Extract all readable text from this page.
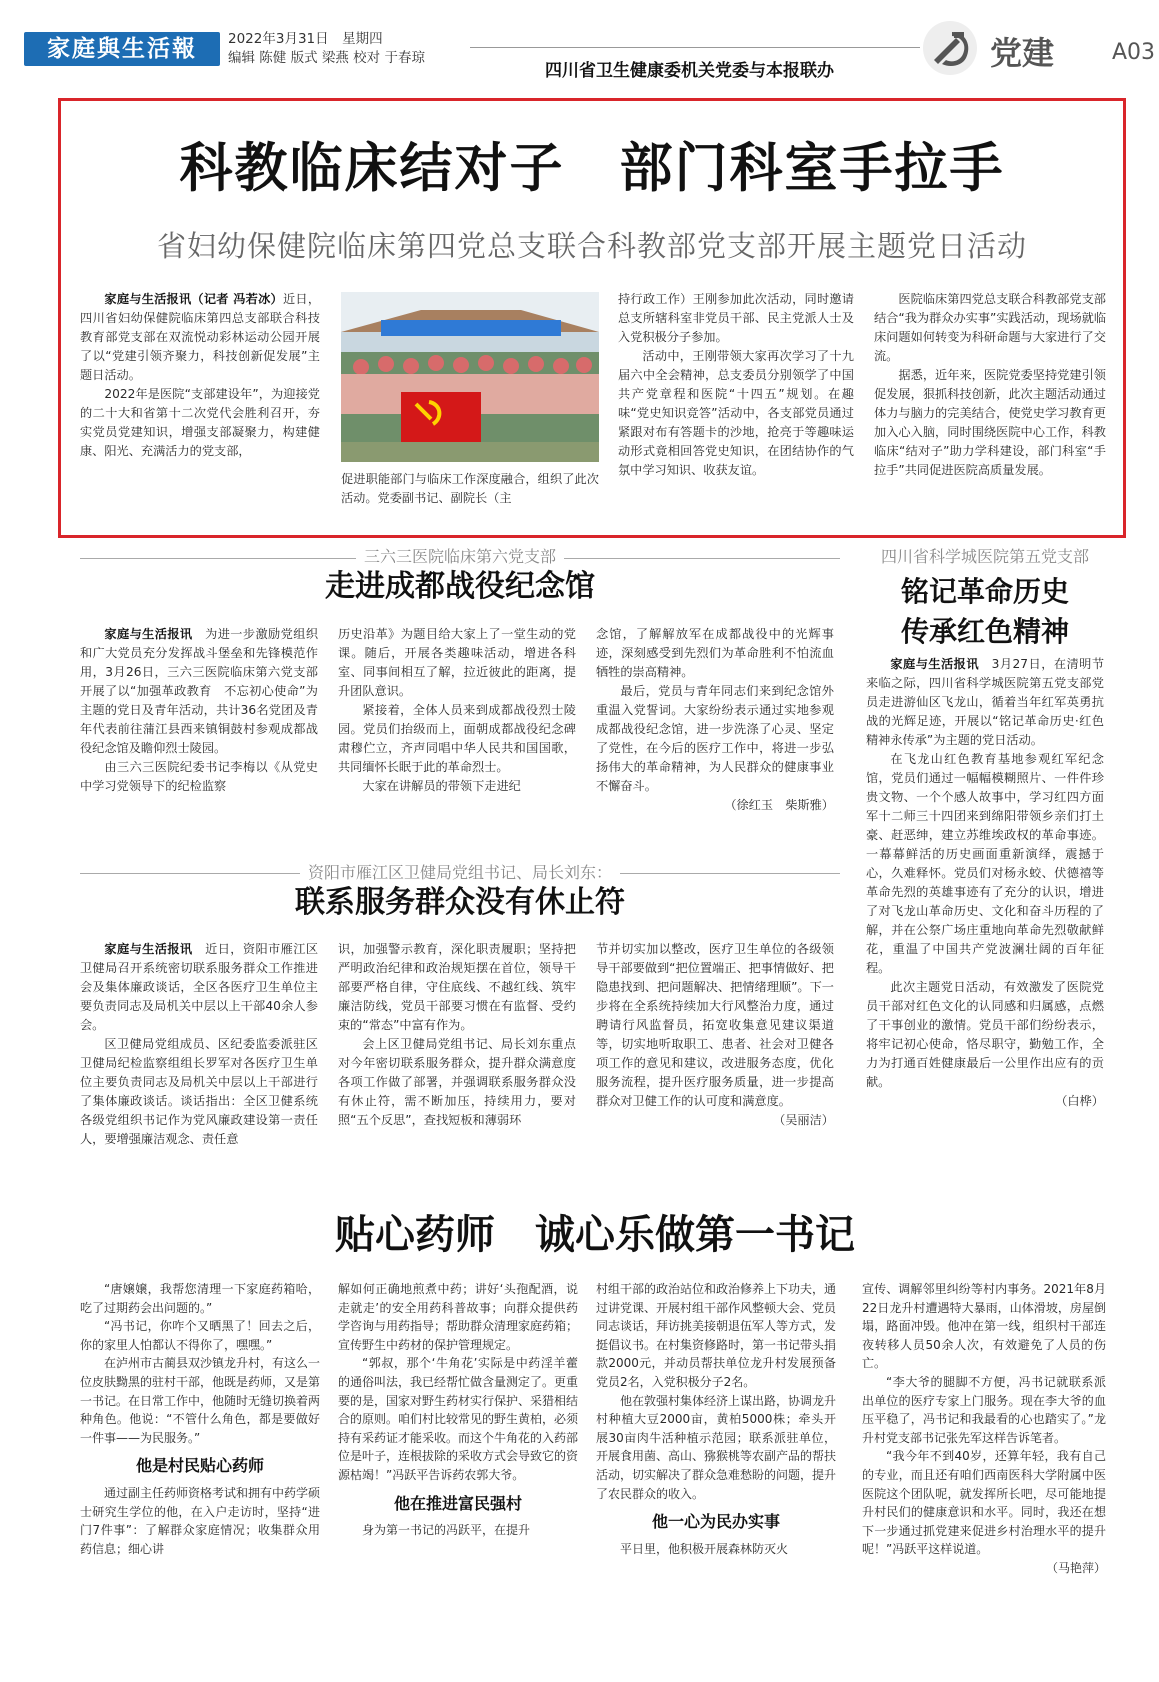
家庭與生活報	2022年3月31日　星期四
编辑 陈健 版式 梁燕 校对 于春琼
四川省卫生健康委机关党委与本报联办	党建	A03
科教临床结对子　部门科室手拉手
省妇幼保健院临床第四党总支联合科教部党支部开展主题党日活动

家庭与生活报讯（记者 冯若冰）近日，四川省妇幼保健院临床第四总支部联合科技教育部党支部在双流悦动彩林运动公园开展了以“党建引领齐聚力，科技创新促发展”主题日活动。

2022年是医院“支部建设年”，为迎接党的二十大和省第十二次党代会胜利召开，夯实党员党建知识，增强支部凝聚力，构建健康、阳光、充满活力的党支部，

促进职能部门与临床工作深度融合，组织了此次活动。党委副书记、副院长（主

持行政工作）王刚参加此次活动，同时邀请总支所辖科室非党员干部、民主党派人士及入党积极分子参加。

活动中，王刚带领大家再次学习了十九届六中全会精神，总支委员分别领学了中国共产党章程和医院“十四五”规划。在趣味“党史知识竞答”活动中，各支部党员通过紧跟对布有答题卡的沙地，抢亮于等趣味运动形式竟相回答党史知识，在团结协作的气氛中学习知识、收获友谊。

医院临床第四党总支联合科教部党支部结合“我为群众办实事”实践活动，现场就临床问题如何转变为科研命题与大家进行了交流。

据悉，近年来，医院党委坚持党建引领促发展，狠抓科技创新，此次主题活动通过体力与脑力的完美结合，使党史学习教育更加入心入脑，同时围绕医院中心工作，科教临床“结对子”助力学科建设，部门科室“手拉手”共同促进医院高质量发展。

三六三医院临床第六党支部
走进成都战役纪念馆

家庭与生活报讯　 为进一步激励党组织和广大党员充分发挥战斗堡垒和先锋模范作用，3月26日，三六三医院临床第六党支部开展了以“加强革政教育　不忘初心使命”为主题的党日及青年活动，共计36名党团及青年代表前往蒲江县西来镇铜鼓村参观成都战役纪念馆及瞻仰烈士陵园。

由三六三医院纪委书记李梅以《从党史中学习党领导下的纪检监察

历史沿革》为题目给大家上了一堂生动的党课。随后，开展各类趣味活动，增进各科室、同事间相互了解，拉近彼此的距离，提升团队意识。

紧接着，全体人员来到成都战役烈士陵园。党员们抬级而上，面朝成都战役纪念碑肃穆伫立，齐声同唱中华人民共和国国歌，共同缅怀长眠于此的革命烈士。

大家在讲解员的带领下走进纪

念馆，了解解放军在成都战役中的光辉事迹，深刻感受到先烈们为革命胜利不怕流血牺牲的崇高精神。

最后，党员与青年同志们来到纪念馆外重温入党誓词。大家纷纷表示通过实地参观成都战役纪念馆，进一步洗涤了心灵、坚定了党性，在今后的医疗工作中，将进一步弘扬伟大的革命精神，为人民群众的健康事业不懈奋斗。

（徐红玉　柴斯雅）
四川省科学城医院第五党支部
铭记革命历史
传承红色精神

家庭与生活报讯　 3月27日，在清明节来临之际，四川省科学城医院第五党支部党员走进游仙区飞龙山，循着当年红军英勇抗战的光辉足迹，开展以“铭记革命历史·红色精神永传承”为主题的党日活动。

在飞龙山红色教育基地参观红军纪念馆，党员们通过一幅幅模糊照片、一件件珍贵文物、一个个感人故事中，学习红四方面军十二师三十四团来到绵阳带领乡亲们打土豪、赶恶绅，建立苏维埃政权的革命事迹。一幕幕鲜活的历史画面重新演绎，震撼于心，久难释怀。党员们对杨永蛟、伏德禧等革命先烈的英雄事迹有了充分的认识，增进了对飞龙山革命历史、文化和奋斗历程的了解，并在公祭广场庄重地向革命先烈敬献鲜花，重温了中国共产党波澜壮阔的百年征程。

此次主题党日活动，有效激发了医院党员干部对红色文化的认同感和归属感，点燃了干事创业的激情。党员干部们纷纷表示，将牢记初心使命，恪尽职守，勤勉工作，全力为打通百姓健康最后一公里作出应有的贡献。

（白桦）
资阳市雁江区卫健局党组书记、局长刘东：
联系服务群众没有休止符

家庭与生活报讯　 近日，资阳市雁江区卫健局召开系统密切联系服务群众工作推进会及集体廉政谈话，全区各医疗卫生单位主要负责同志及局机关中层以上干部40余人参会。

区卫健局党组成员、区纪委监委派驻区卫健局纪检监察组组长罗军对各医疗卫生单位主要负责同志及局机关中层以上干部进行了集体廉政谈话。谈话指出：全区卫健系统各级党组织书记作为党风廉政建设第一责任人，要增强廉洁观念、责任意

识，加强警示教育，深化职责履职；坚持把严明政治纪律和政治规矩摆在首位，领导干部要严格自律，守住底线、不越红线、筑牢廉洁防线，党员干部要习惯在有监督、受约束的“常态”中富有作为。

会上区卫健局党组书记、局长刘东重点对今年密切联系服务群众，提升群众满意度各项工作做了部署，并强调联系服务群众没有休止符，需不断加压，持续用力，要对照“五个反思”，查找短板和薄弱环

节并切实加以整改，医疗卫生单位的各级领导干部要做到“把位置端正、把事情做好、把隐患找到、把问题解决、把情绪理顺”。下一步将在全系统持续加大行风整治力度，通过聘请行风监督员，拓宽收集意见建议渠道等，切实地听取职工、患者、社会对卫健各项工作的意见和建议，改进服务态度，优化服务流程，提升医疗服务质量，进一步提高群众对卫健工作的认可度和满意度。

（吴丽洁）
贴心药师　诚心乐做第一书记

“唐嬢嬢，我帮您清理一下家庭药箱哈，吃了过期药会出问题的。”

“冯书记，你咋个又晒黑了！回去之后，你的家里人怕都认不得你了，嘿嘿。”

在泸州市古蔺县双沙镇龙升村，有这么一位皮肤黝黑的驻村干部，他既是药师，又是第一书记。在日常工作中，他随时无缝切换着两种角色。他说：“不管什么角色，都是要做好一件事——为民服务。”

他是村民贴心药师

通过副主任药师资格考试和拥有中药学硕士研究生学位的他，在入户走访时，坚持“进门7件事”：了解群众家庭情况；收集群众用药信息；细心讲

解如何正确地煎煮中药；讲好‘头孢配酒，说走就走’的安全用药科普故事；向群众提供药学咨询与用药指导；帮助群众清理家庭药箱；宣传野生中药材的保护管理规定。

“郭叔，那个‘牛角花’实际是中药淫羊藿的通俗叫法，我已经帮忙做含量测定了。更重要的是，国家对野生药材实行保护、采猎相结合的原则。咱们村比较常见的野生黄柏，必须持有采药证才能采收。而这个牛角花的入药部位是叶子，连根拔除的采收方式会导致它的资源枯竭！”冯跃平告诉药农郭大爷。

他在推进富民强村

身为第一书记的冯跃平，在提升

村组干部的政治站位和政治修养上下功夫，通过讲党课、开展村组干部作风整顿大会、党员同志谈话，拜访挑美接朝退伍军人等方式，发挺倡议书。在村集资修路时，第一书记带头捐款2000元，并动员帮扶单位龙升村发展预备党员2名，入党积极分子2名。

他在敦强村集体经济上谋出路，协调龙升村种植大豆2000亩，黄柏5000株；牵头开展30亩肉牛活种植示范园；联系派驻单位，开展食用菌、高山、猕猴桃等农副产品的帮扶活动，切实解决了群众急难愁盼的问题，提升了农民群众的收入。

他一心为民办实事

平日里，他积极开展森林防灭火

宣传、调解邻里纠纷等村内事务。2021年8月22日龙升村遭遇特大暴雨，山体滑坡，房屋倒塌，路面冲毁。他冲在第一线，组织村干部连夜转移人员50余人次，有效避免了人员的伤亡。

“李大爷的腿脚不方便，冯书记就联系派出单位的医疗专家上门服务。现在李大爷的血压平稳了，冯书记和我最看的心也踏实了。”龙升村党支部书记张先军这样告诉笔者。

“我今年不到40岁，还算年轻，我有自己的专业，而且还有咱们西南医科大学附属中医医院这个团队呢，就发挥所长吧，尽可能地提升村民们的健康意识和水平。同时，我还在想下一步通过抓党建来促进乡村治理水平的提升呢！”冯跃平这样说道。

（马艳萍）
